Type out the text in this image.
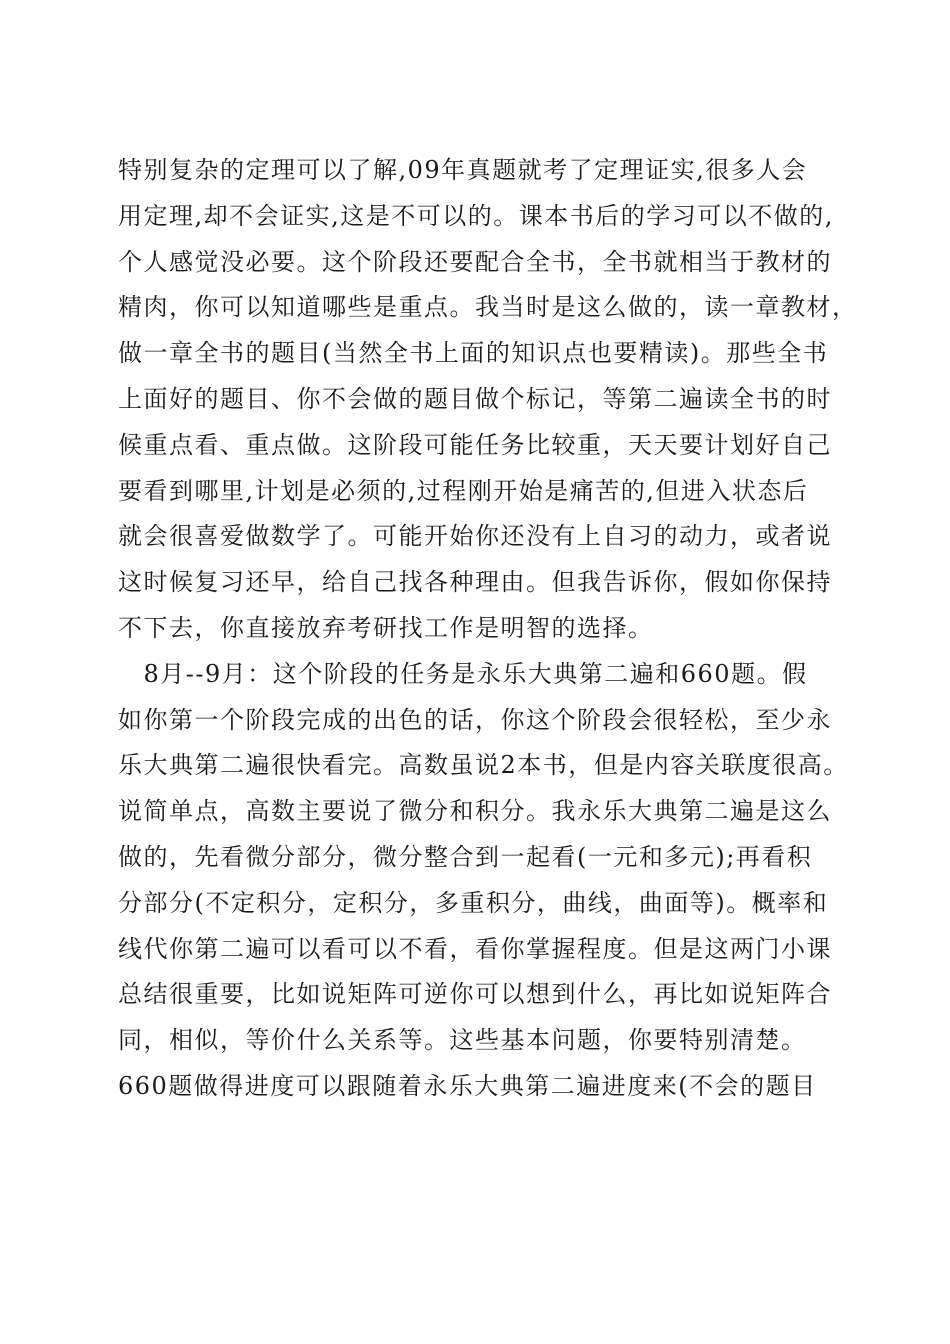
特别复杂的定理可以了解,09年真题就考了定理证实,很多人会
用定理,却不会证实,这是不可以的。课本书后的学习可以不做的,
个人感觉没必要。这个阶段还要配合全书，全书就相当于教材的
精肉，你可以知道哪些是重点。我当时是这么做的，读一章教材，
做一章全书的题目(当然全书上面的知识点也要精读)。那些全书
上面好的题目、你不会做的题目做个标记，等第二遍读全书的时
候重点看、重点做。这阶段可能任务比较重，天天要计划好自己
要看到哪里,计划是必须的,过程刚开始是痛苦的,但进入状态后
就会很喜爱做数学了。可能开始你还没有上自习的动力，或者说
这时候复习还早，给自己找各种理由。但我告诉你，假如你保持
不下去，你直接放弃考研找工作是明智的选择。
　8月--9月：这个阶段的任务是永乐大典第二遍和660题。假
如你第一个阶段完成的出色的话，你这个阶段会很轻松，至少永
乐大典第二遍很快看完。高数虽说2本书，但是内容关联度很高。
说简单点，高数主要说了微分和积分。我永乐大典第二遍是这么
做的，先看微分部分，微分整合到一起看(一元和多元);再看积
分部分(不定积分，定积分，多重积分，曲线，曲面等)。概率和
线代你第二遍可以看可以不看，看你掌握程度。但是这两门小课
总结很重要，比如说矩阵可逆你可以想到什么，再比如说矩阵合
同，相似，等价什么关系等。这些基本问题，你要特别清楚。
660题做得进度可以跟随着永乐大典第二遍进度来(不会的题目
